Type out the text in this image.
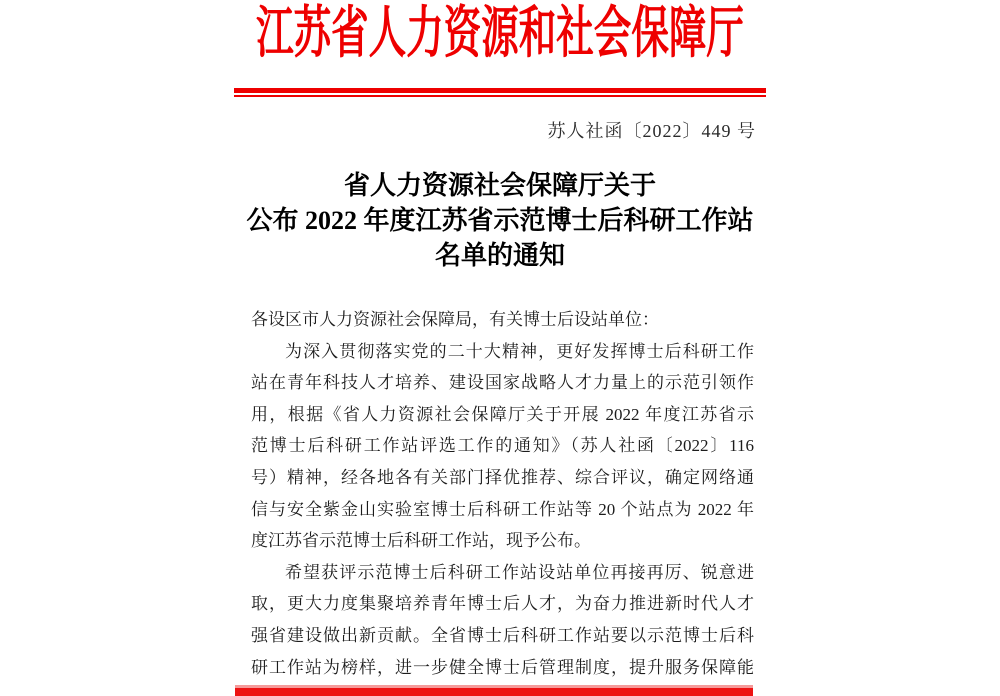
江苏省人力资源和社会保障厅
苏人社函〔2022〕449 号
省人力资源社会保障厅关于
公布 2022 年度江苏省示范博士后科研工作站
名单的通知
各设区市人力资源社会保障局，有关博士后设站单位：
为深入贯彻落实党的二十大精神，更好发挥博士后科研工作
站在青年科技人才培养、建设国家战略人才力量上的示范引领作
用，根据《省人力资源社会保障厅关于开展 2022 年度江苏省示
范博士后科研工作站评选工作的通知》（苏人社函〔2022〕116
号）精神，经各地各有关部门择优推荐、综合评议，确定网络通
信与安全紫金山实验室博士后科研工作站等 20 个站点为 2022 年
度江苏省示范博士后科研工作站，现予公布。
希望获评示范博士后科研工作站设站单位再接再厉、锐意进
取，更大力度集聚培养青年博士后人才，为奋力推进新时代人才
强省建设做出新贡献。全省博士后科研工作站要以示范博士后科
研工作站为榜样，进一步健全博士后管理制度，提升服务保障能
